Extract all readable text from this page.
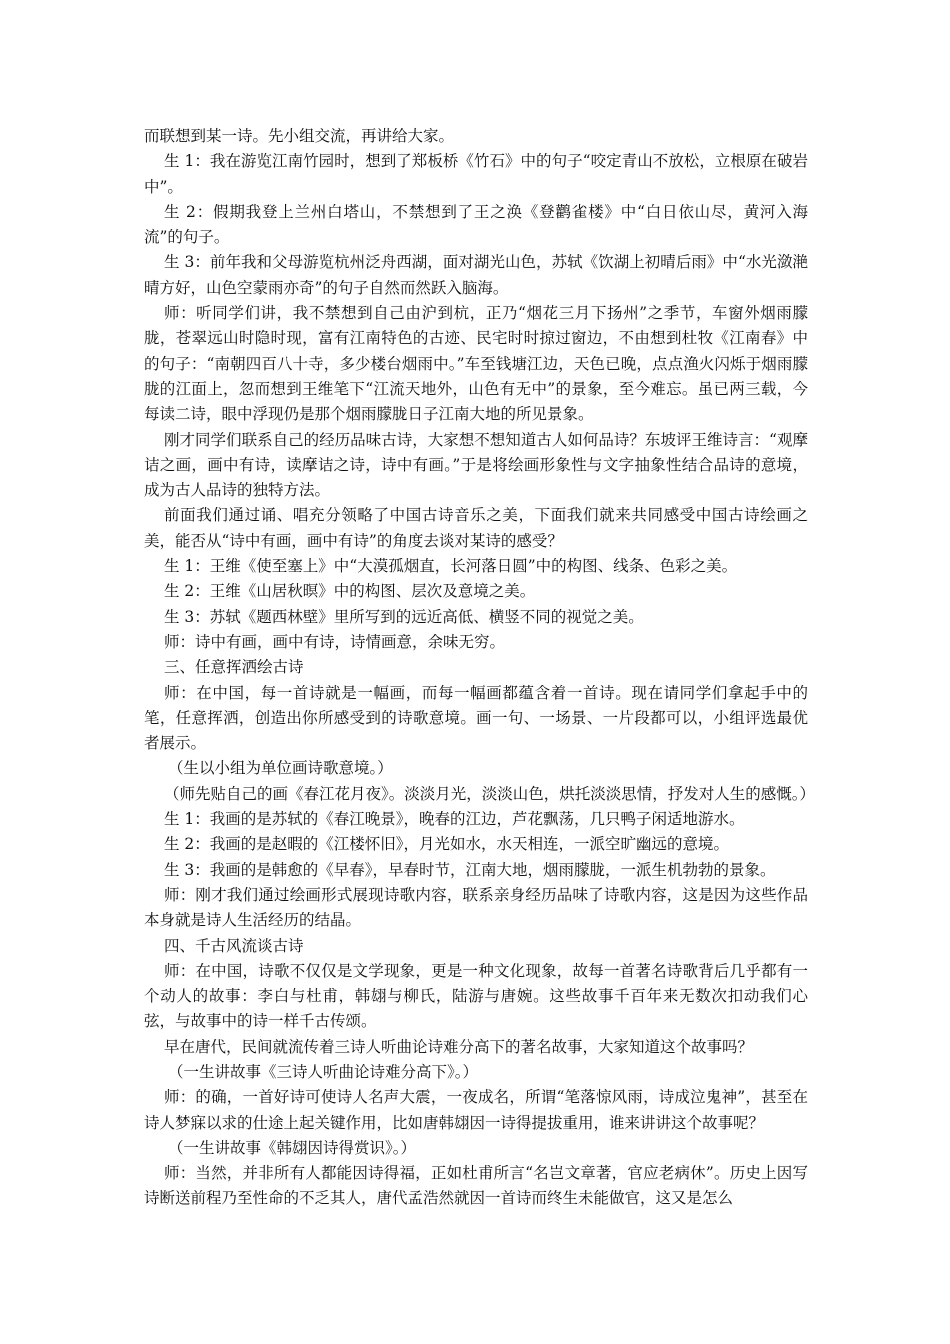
而联想到某一诗。先小组交流，再讲给大家。

生 1：我在游览江南竹园时，想到了郑板桥《竹石》中的句子“咬定青山不放松，立根原在破岩中”。

生 2：假期我登上兰州白塔山，不禁想到了王之涣《登鹳雀楼》中“白日依山尽，黄河入海流”的句子。

生 3：前年我和父母游览杭州泛舟西湖，面对湖光山色，苏轼《饮湖上初晴后雨》中“水光潋滟晴方好，山色空蒙雨亦奇”的句子自然而然跃入脑海。

师：听同学们讲，我不禁想到自己由沪到杭，正乃“烟花三月下扬州”之季节，车窗外烟雨朦胧，苍翠远山时隐时现，富有江南特色的古迹、民宅时时掠过窗边，不由想到杜牧《江南春》中的句子：“南朝四百八十寺，多少楼台烟雨中。”车至钱塘江边，天色已晚，点点渔火闪烁于烟雨朦胧的江面上，忽而想到王维笔下“江流天地外，山色有无中”的景象，至今难忘。虽已两三载，今每读二诗，眼中浮现仍是那个烟雨朦胧日子江南大地的所见景象。

刚才同学们联系自己的经历品味古诗，大家想不想知道古人如何品诗？东坡评王维诗言：“观摩诘之画，画中有诗，读摩诘之诗，诗中有画。”于是将绘画形象性与文字抽象性结合品诗的意境，成为古人品诗的独特方法。

前面我们通过诵、唱充分领略了中国古诗音乐之美，下面我们就来共同感受中国古诗绘画之美，能否从“诗中有画，画中有诗”的角度去谈对某诗的感受？

生 1：王维《使至塞上》中“大漠孤烟直，长河落日圆”中的构图、线条、色彩之美。

生 2：王维《山居秋暝》中的构图、层次及意境之美。

生 3：苏轼《题西林壁》里所写到的远近高低、横竖不同的视觉之美。

师：诗中有画，画中有诗，诗情画意，余味无穷。

三、任意挥洒绘古诗

师：在中国，每一首诗就是一幅画，而每一幅画都蕴含着一首诗。现在请同学们拿起手中的笔，任意挥洒，创造出你所感受到的诗歌意境。画一句、一场景、一片段都可以，小组评选最优者展示。

（生以小组为单位画诗歌意境。）

（师先贴自己的画《春江花月夜》。淡淡月光，淡淡山色，烘托淡淡思情，抒发对人生的感慨。）

生 1：我画的是苏轼的《春江晚景》，晚春的江边，芦花飘荡，几只鸭子闲适地游水。

生 2：我画的是赵暇的《江楼怀旧》，月光如水，水天相连，一派空旷幽远的意境。

生 3：我画的是韩愈的《早春》，早春时节，江南大地，烟雨朦胧，一派生机勃勃的景象。

师：刚才我们通过绘画形式展现诗歌内容，联系亲身经历品味了诗歌内容，这是因为这些作品本身就是诗人生活经历的结晶。

四、千古风流谈古诗

师：在中国，诗歌不仅仅是文学现象，更是一种文化现象，故每一首著名诗歌背后几乎都有一个动人的故事：李白与杜甫，韩翃与柳氏，陆游与唐婉。这些故事千百年来无数次扣动我们心弦，与故事中的诗一样千古传颂。

早在唐代，民间就流传着三诗人听曲论诗难分高下的著名故事，大家知道这个故事吗？

（一生讲故事《三诗人听曲论诗难分高下》。）

师：的确，一首好诗可使诗人名声大震，一夜成名，所谓“笔落惊风雨，诗成泣鬼神”，甚至在诗人梦寐以求的仕途上起关键作用，比如唐韩翃因一诗得提拔重用，谁来讲讲这个故事呢？

（一生讲故事《韩翃因诗得赏识》。）

师：当然，并非所有人都能因诗得福，正如杜甫所言“名岂文章著，官应老病休”。历史上因写诗断送前程乃至性命的不乏其人，唐代孟浩然就因一首诗而终生未能做官，这又是怎么
